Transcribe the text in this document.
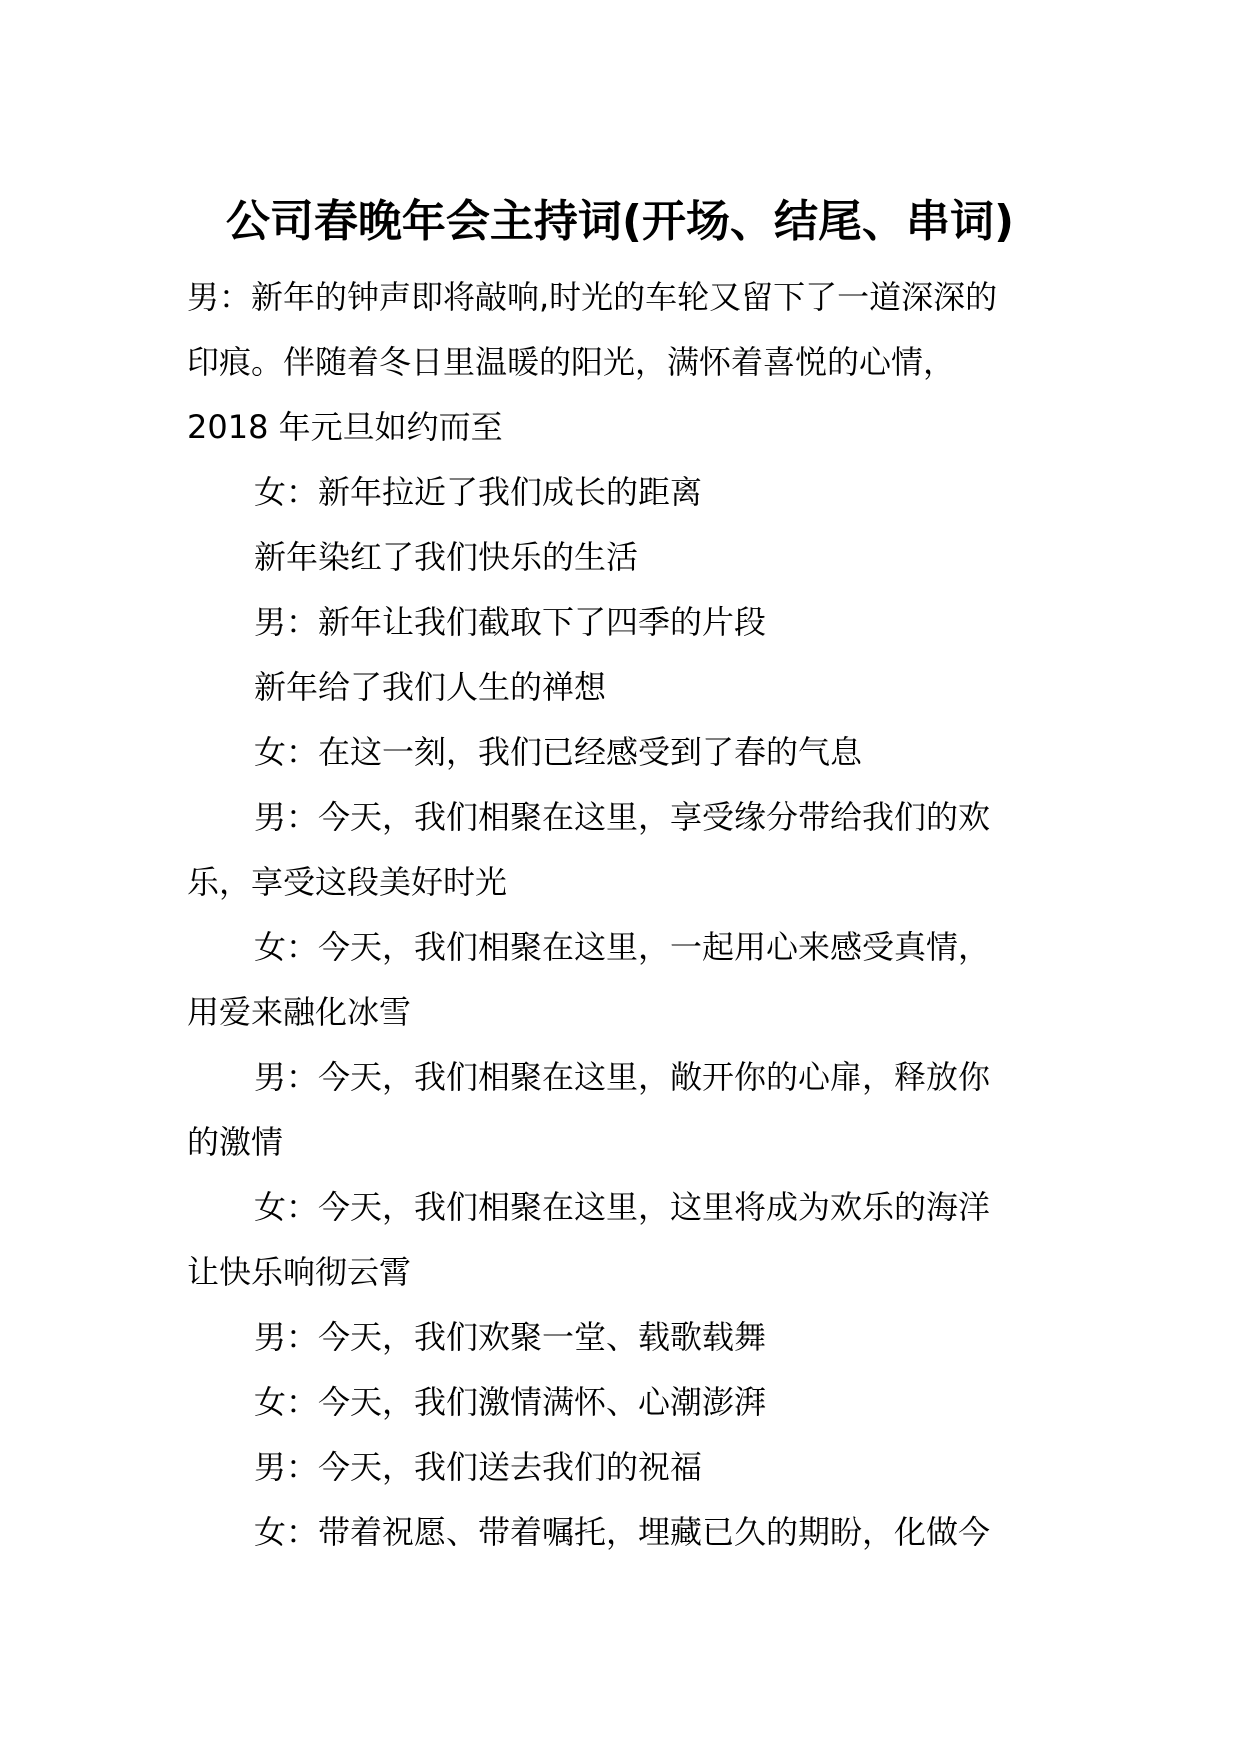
公司春晚年会主持词(开场、结尾、串词)

男：新年的钟声即将敲响,时光的车轮又留下了一道深深的

印痕。伴随着冬日里温暖的阳光，满怀着喜悦的心情，

2018 年元旦如约而至

女：新年拉近了我们成长的距离

新年染红了我们快乐的生活

男：新年让我们截取下了四季的片段

新年给了我们人生的禅想

女：在这一刻，我们已经感受到了春的气息

男：今天，我们相聚在这里，享受缘分带给我们的欢

乐，享受这段美好时光

女：今天，我们相聚在这里，一起用心来感受真情，

用爱来融化冰雪

男：今天，我们相聚在这里，敞开你的心扉，释放你

的激情

女：今天，我们相聚在这里，这里将成为欢乐的海洋

让快乐响彻云霄

男：今天，我们欢聚一堂、载歌载舞

女：今天，我们激情满怀、心潮澎湃

男：今天，我们送去我们的祝福

女：带着祝愿、带着嘱托，埋藏已久的期盼，化做今
